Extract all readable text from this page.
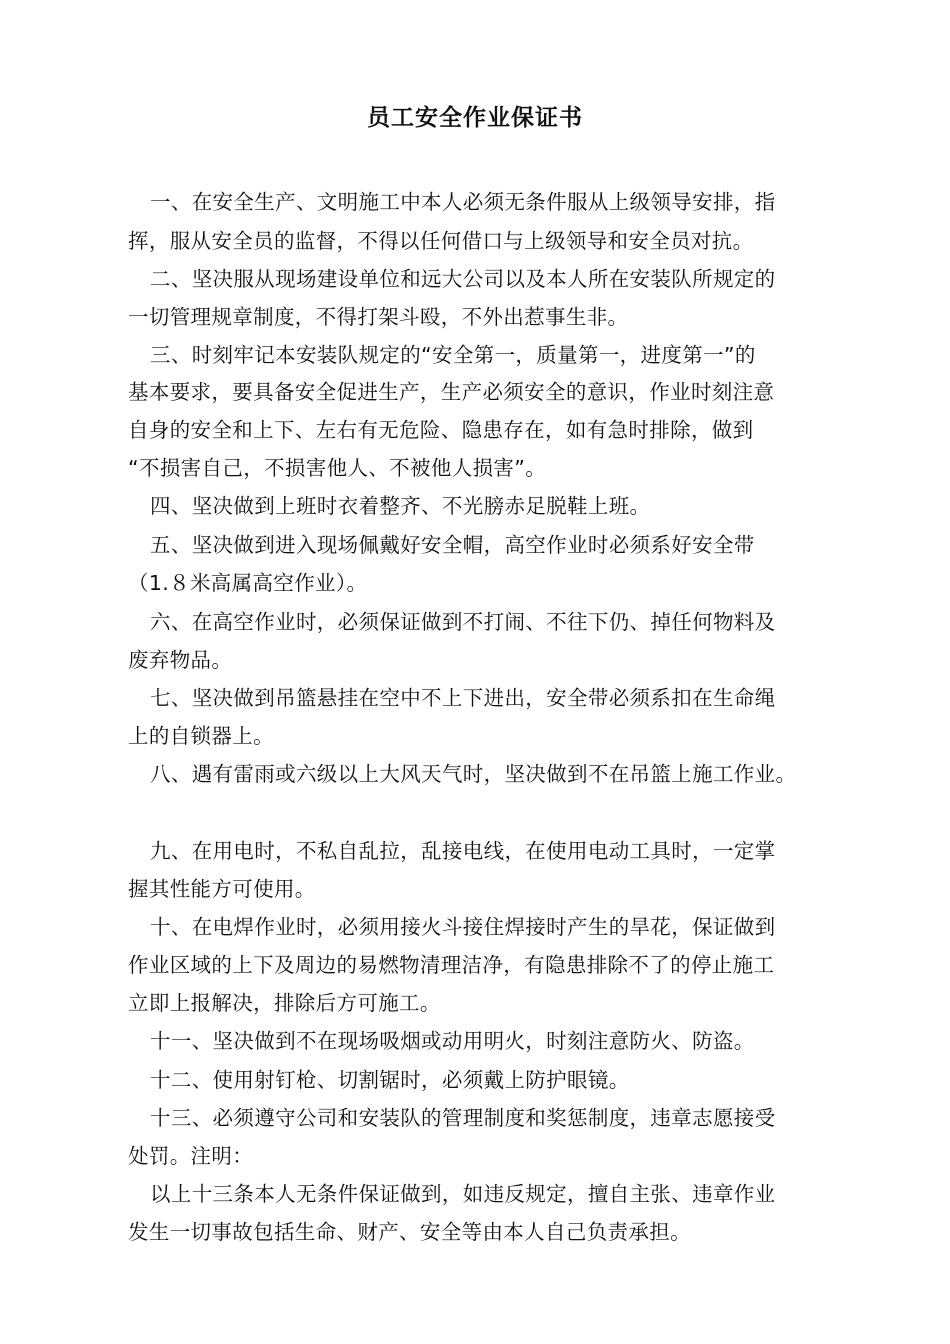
员工安全作业保证书
一、在安全生产、文明施工中本人必须无条件服从上级领导安排，指
挥，服从安全员的监督，不得以任何借口与上级领导和安全员对抗。
二、坚决服从现场建设单位和远大公司以及本人所在安装队所规定的
一切管理规章制度，不得打架斗殴，不外出惹事生非。
三、时刻牢记本安装队规定的“安全第一，质量第一，进度第一”的
基本要求，要具备安全促进生产，生产必须安全的意识，作业时刻注意
自身的安全和上下、左右有无危险、隐患存在，如有急时排除，做到
“不损害自己，不损害他人、不被他人损害”。
四、坚决做到上班时衣着整齐、不光膀赤足脱鞋上班。
五、坚决做到进入现场佩戴好安全帽，高空作业时必须系好安全带
（1.８米高属高空作业）。
六、在高空作业时，必须保证做到不打闹、不往下仍、掉任何物料及
废弃物品。
七、坚决做到吊篮悬挂在空中不上下进出，安全带必须系扣在生命绳
上的自锁器上。
八、遇有雷雨或六级以上大风天气时，坚决做到不在吊篮上施工作业。
九、在用电时，不私自乱拉，乱接电线，在使用电动工具时，一定掌
握其性能方可使用。
十、在电焊作业时，必须用接火斗接住焊接时产生的旱花，保证做到
作业区域的上下及周边的易燃物清理洁净，有隐患排除不了的停止施工
立即上报解决，排除后方可施工。
十一、坚决做到不在现场吸烟或动用明火，时刻注意防火、防盗。
十二、使用射钉枪、切割锯时，必须戴上防护眼镜。
十三、必须遵守公司和安装队的管理制度和奖惩制度，违章志愿接受
处罚。注明：
以上十三条本人无条件保证做到，如违反规定，擅自主张、违章作业
发生一切事故包括生命、财产、安全等由本人自己负责承担。
